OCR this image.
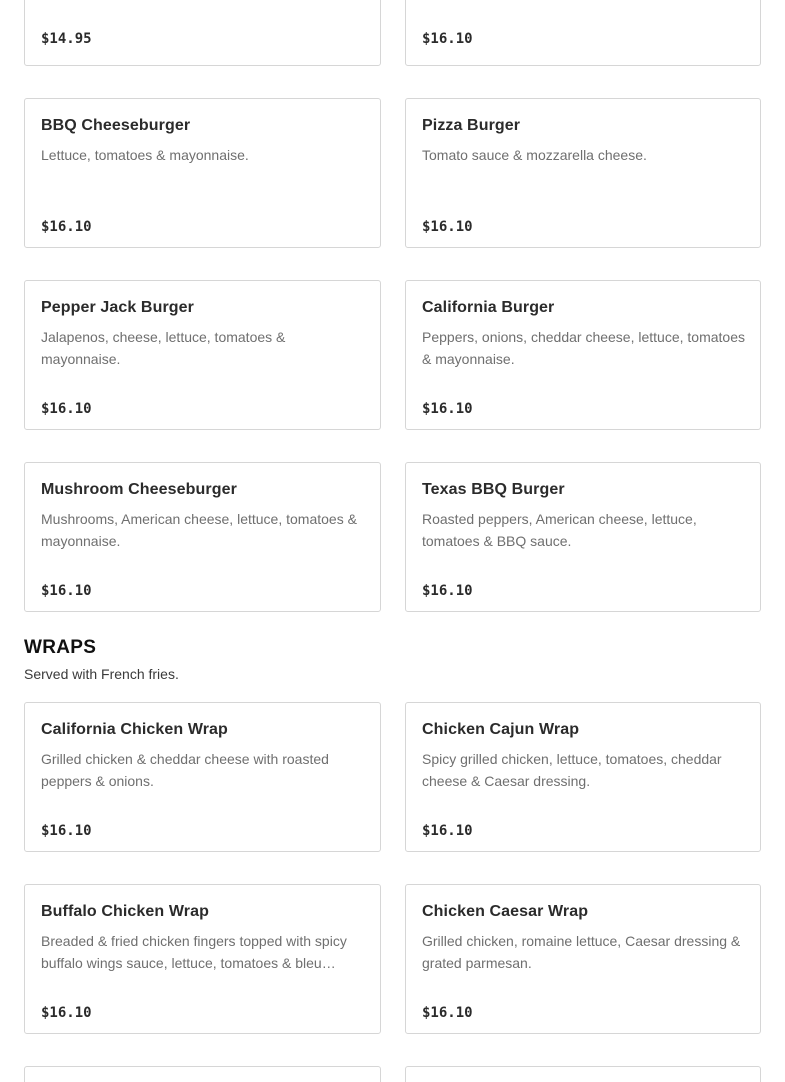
$14.95	$16.10
BBQ Cheeseburger
Lettuce, tomatoes & mayonnaise.
$16.10
Pizza Burger
Tomato sauce & mozzarella cheese.
$16.10
Pepper Jack Burger
Jalapenos, cheese, lettuce, tomatoes & mayonnaise.
$16.10
California Burger
Peppers, onions, cheddar cheese, lettuce, tomatoes & mayonnaise.
$16.10
Mushroom Cheeseburger
Mushrooms, American cheese, lettuce, tomatoes & mayonnaise.
$16.10
Texas BBQ Burger
Roasted peppers, American cheese, lettuce, tomatoes & BBQ sauce.
$16.10
WRAPS
Served with French fries.
California Chicken Wrap
Grilled chicken & cheddar cheese with roasted peppers & onions.
$16.10
Chicken Cajun Wrap
Spicy grilled chicken, lettuce, tomatoes, cheddar cheese & Caesar dressing.
$16.10
Buffalo Chicken Wrap
Breaded & fried chicken fingers topped with spicy buffalo wings sauce, lettuce, tomatoes & bleu…
$16.10
Chicken Caesar Wrap
Grilled chicken, romaine lettuce, Caesar dressing & grated parmesan.
$16.10
